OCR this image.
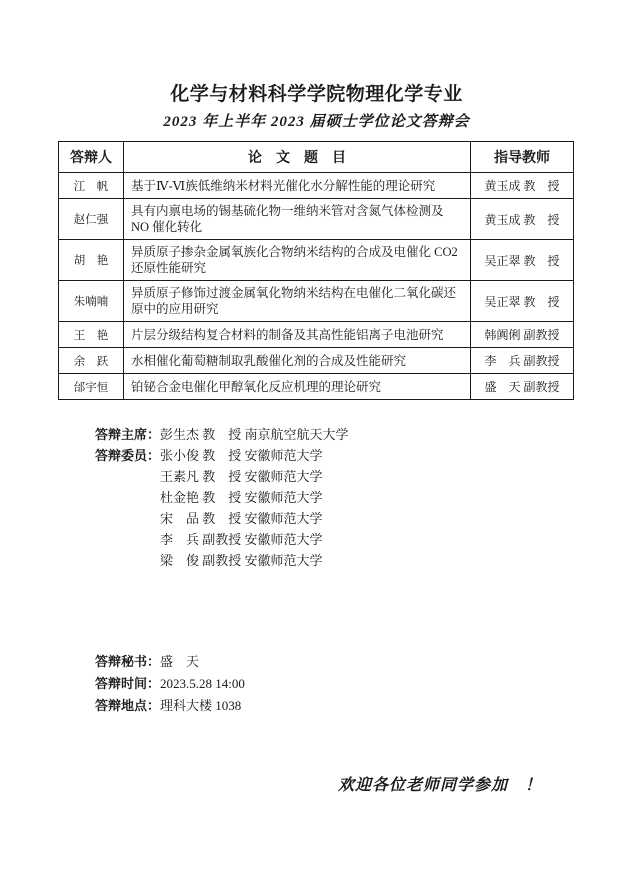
化学与材料科学学院物理化学专业
2023 年上半年 2023 届硕士学位论文答辩会
答辩人	论　文　题　目	指导教师
江　帆	基于Ⅳ-Ⅵ族低维纳米材料光催化水分解性能的理论研究	黄玉成 教　授
赵仁强	具有内禀电场的锡基硫化物一维纳米管对含氮气体检测及 NO 催化转化	黄玉成 教　授
胡　艳	异质原子掺杂金属氧族化合物纳米结构的合成及电催化 CO2 还原性能研究	吴正翠 教　授
朱喃喃	异质原子修饰过渡金属氧化物纳米结构在电催化二氧化碳还原中的应用研究	吴正翠 教　授
王　艳	片层分级结构复合材料的制备及其高性能铝离子电池研究	韩阗俐 副教授
余　跃	水相催化葡萄糖制取乳酸催化剂的合成及性能研究	李　兵 副教授
邰宇恒	铂铋合金电催化甲醇氧化反应机理的理论研究	盛　天 副教授
答辩主席：彭生杰 教　授 南京航空航天大学
答辩委员：张小俊 教　授 安徽师范大学
王素凡 教　授 安徽师范大学
杜金艳 教　授 安徽师范大学
宋　品 教　授 安徽师范大学
李　兵 副教授 安徽师范大学
梁　俊 副教授 安徽师范大学
答辩秘书：盛　天
答辩时间：2023.5.28 14:00
答辩地点：理科大楼 1038
欢迎各位老师同学参加　！
